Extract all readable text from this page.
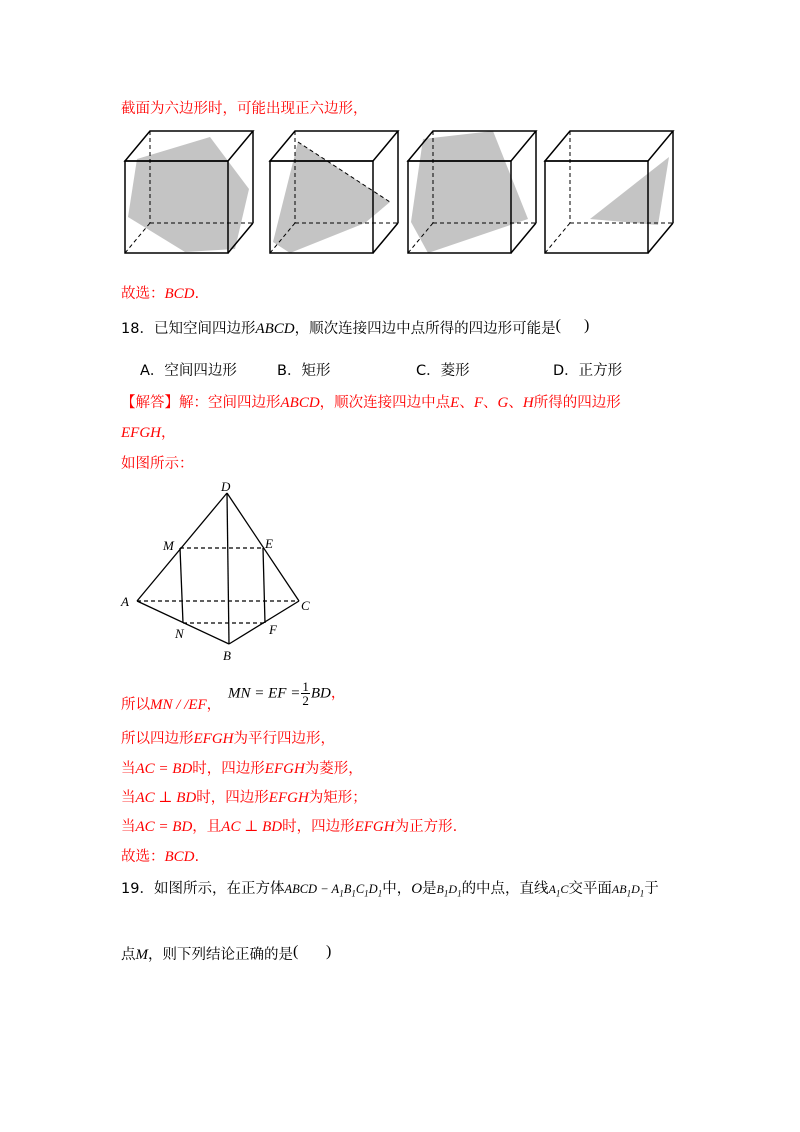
截面为六边形时，可能出现正六边形，
故选：BCD.
18．已知空间四边形ABCD，顺次连接四边中点所得的四边形可能是( )
A．空间四边形	B．矩形	C．菱形	D．正方形
【解答】解：空间四边形ABCD，顺次连接四边中点E、F、G、H所得的四边形
EFGH，
如图所示：
D
M	E
A	C
N	F
B
所以MN / /EF，
MN = EF = $\frac{1}{2}$ BD，
所以四边形EFGH为平行四边形，
当AC = BD时，四边形EFGH为菱形，
当AC ⊥ BD时，四边形EFGH为矩形；
当AC = BD，且AC ⊥ BD时，四边形EFGH为正方形.
故选：BCD.
19．如图所示，在正方体ABCD − $A_1B_1C_1D_1$中，O是$B_1D_1$的中点，直线$A_1C$交平面$AB_1D_1$于
点M，则下列结论正确的是( )
